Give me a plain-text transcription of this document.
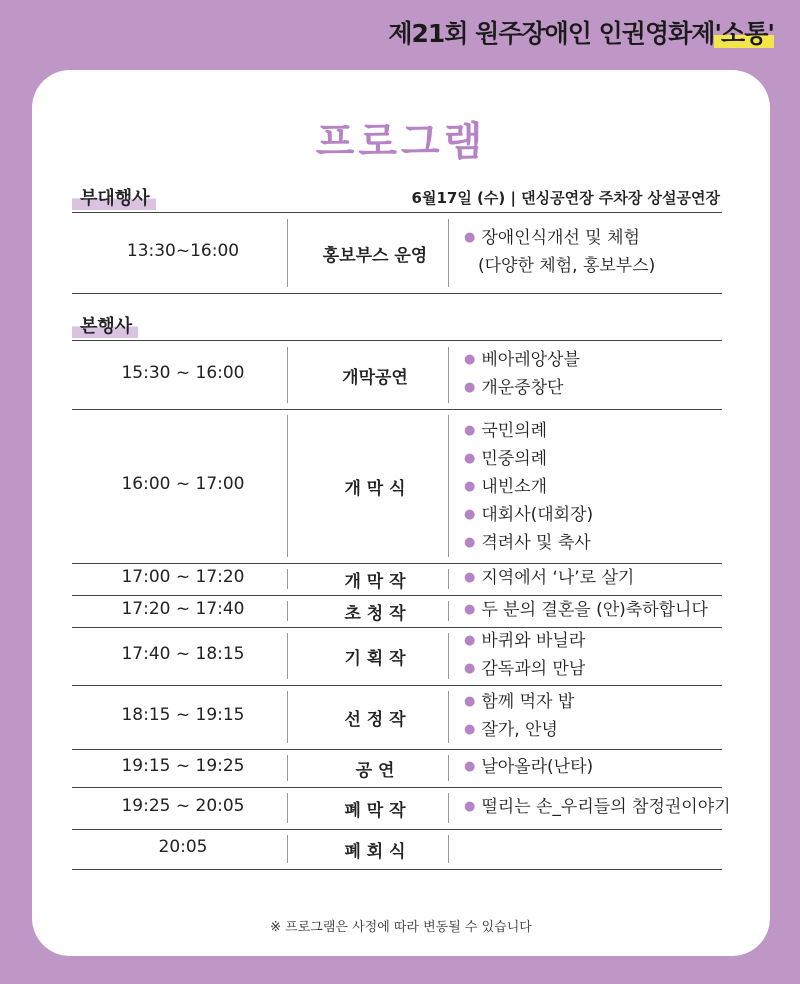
제21회 원주장애인 인권영화제'소통'
프로그램
부대행사	6월17일 (수) | 댄싱공연장 주차장 상설공연장
13:30~16:00	홍보부스 운영
● 장애인식개선 및 체험
(다양한 체험, 홍보부스)
본행사
15:30 ~ 16:00	개막공연
● 베아레앙상블
● 개운중창단
16:00 ~ 17:00	개 막 식
● 국민의례
● 민중의례
● 내빈소개
● 대회사(대회장)
● 격려사 및 축사
17:00 ~ 17:20	개 막 작	● 지역에서 ‘나’로 살기
17:20 ~ 17:40	초 청 작	● 두 분의 결혼을 (안)축하합니다
17:40 ~ 18:15	기 획 작
● 바퀴와 바닐라
● 감독과의 만남
18:15 ~ 19:15	선 정 작
● 함께 먹자 밥
● 잘가, 안녕
19:15 ~ 19:25	공 연	● 날아올라(난타)
19:25 ~ 20:05	폐 막 작	● 떨리는 손_우리들의 참정권이야기
20:05	폐 회 식
※ 프로그램은 사정에 따라 변동될 수 있습니다
